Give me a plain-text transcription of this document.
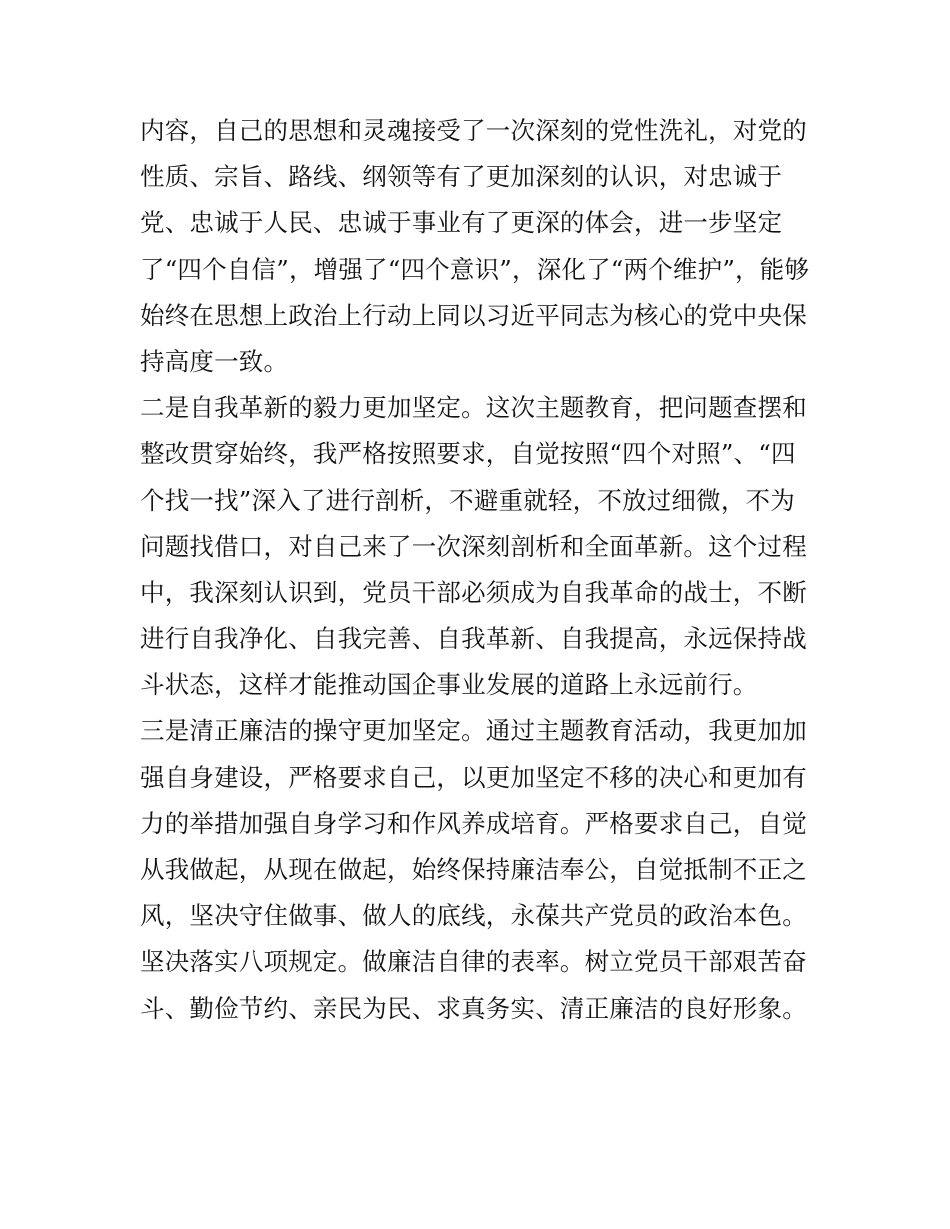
内容，自己的思想和灵魂接受了一次深刻的党性洗礼，对党的
性质、宗旨、路线、纲领等有了更加深刻的认识，对忠诚于
党、忠诚于人民、忠诚于事业有了更深的体会，进一步坚定
了“四个自信”，增强了“四个意识”，深化了“两个维护”，能够
始终在思想上政治上行动上同以习近平同志为核心的党中央保
持高度一致。
二是自我革新的毅力更加坚定。这次主题教育，把问题查摆和
整改贯穿始终，我严格按照要求，自觉按照“四个对照”、“四
个找一找”深入了进行剖析，不避重就轻，不放过细微，不为
问题找借口，对自己来了一次深刻剖析和全面革新。这个过程
中，我深刻认识到，党员干部必须成为自我革命的战士，不断
进行自我净化、自我完善、自我革新、自我提高，永远保持战
斗状态，这样才能推动国企事业发展的道路上永远前行。
三是清正廉洁的操守更加坚定。通过主题教育活动，我更加加
强自身建设，严格要求自己，以更加坚定不移的决心和更加有
力的举措加强自身学习和作风养成培育。严格要求自己，自觉
从我做起，从现在做起，始终保持廉洁奉公，自觉抵制不正之
风，坚决守住做事、做人的底线，永葆共产党员的政治本色。
坚决落实八项规定。做廉洁自律的表率。树立党员干部艰苦奋
斗、勤俭节约、亲民为民、求真务实、清正廉洁的良好形象。
